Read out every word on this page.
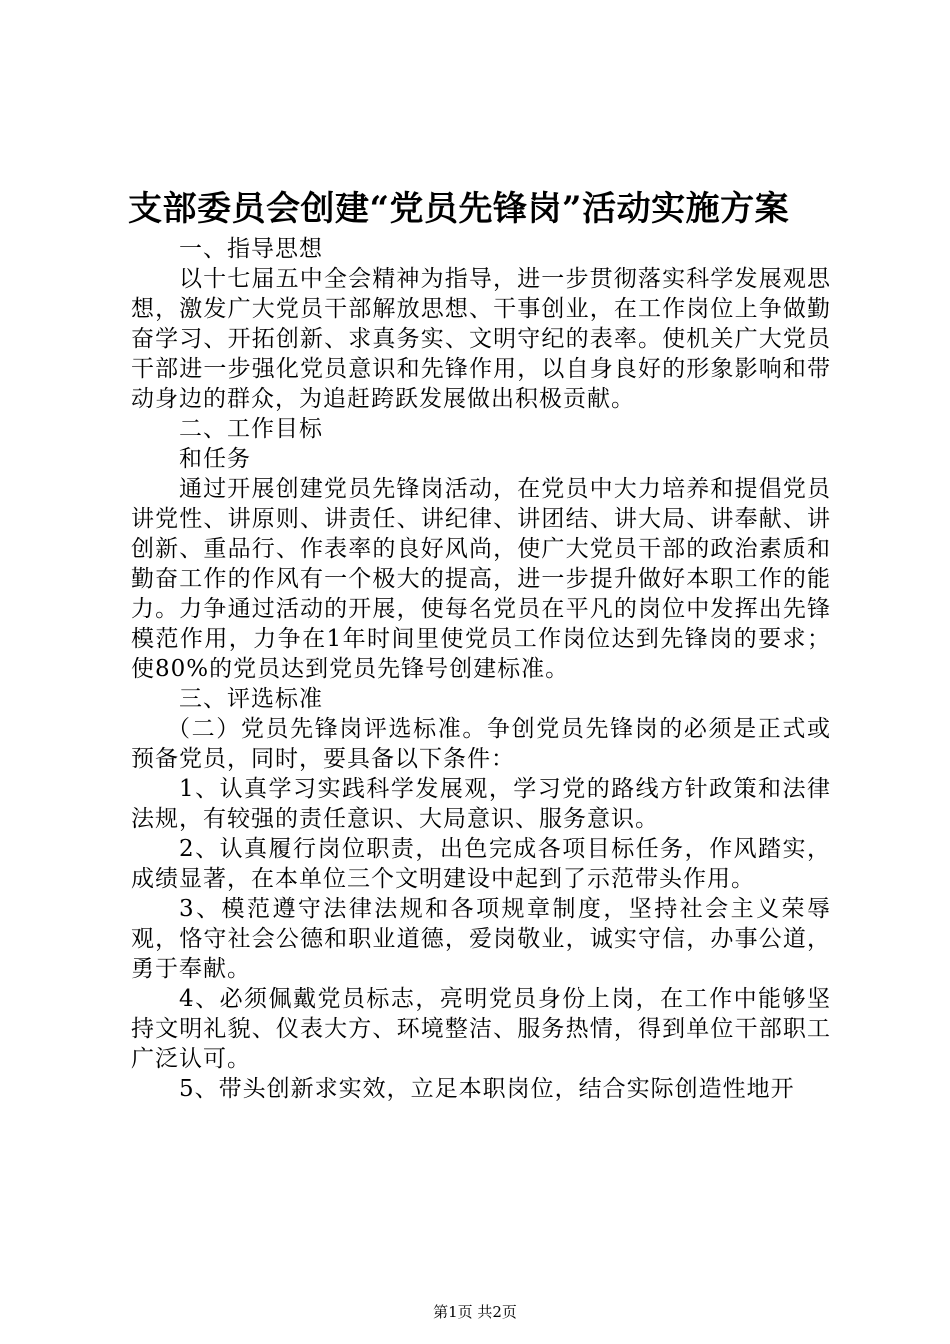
支部委员会创建“党员先锋岗”活动实施方案

一、指导思想

以十七届五中全会精神为指导，进一步贯彻落实科学发展观思想，激发广大党员干部解放思想、干事创业，在工作岗位上争做勤奋学习、开拓创新、求真务实、文明守纪的表率。使机关广大党员干部进一步强化党员意识和先锋作用，以自身良好的形象影响和带动身边的群众，为追赶跨跃发展做出积极贡献。

二、工作目标

和任务

通过开展创建党员先锋岗活动，在党员中大力培养和提倡党员讲党性、讲原则、讲责任、讲纪律、讲团结、讲大局、讲奉献、讲创新、重品行、作表率的良好风尚，使广大党员干部的政治素质和勤奋工作的作风有一个极大的提高，进一步提升做好本职工作的能力。力争通过活动的开展，使每名党员在平凡的岗位中发挥出先锋模范作用，力争在1年时间里使党员工作岗位达到先锋岗的要求；使80%的党员达到党员先锋号创建标准。

三、评选标准

（二）党员先锋岗评选标准。争创党员先锋岗的必须是正式或预备党员，同时，要具备以下条件：

1、认真学习实践科学发展观，学习党的路线方针政策和法律法规，有较强的责任意识、大局意识、服务意识。

2、认真履行岗位职责，出色完成各项目标任务，作风踏实，成绩显著，在本单位三个文明建设中起到了示范带头作用。

3、模范遵守法律法规和各项规章制度，坚持社会主义荣辱观，恪守社会公德和职业道德，爱岗敬业，诚实守信，办事公道，勇于奉献。

4、必须佩戴党员标志，亮明党员身份上岗，在工作中能够坚持文明礼貌、仪表大方、环境整洁、服务热情，得到单位干部职工广泛认可。

5、带头创新求实效，立足本职岗位，结合实际创造性地开

第1页 共2页
